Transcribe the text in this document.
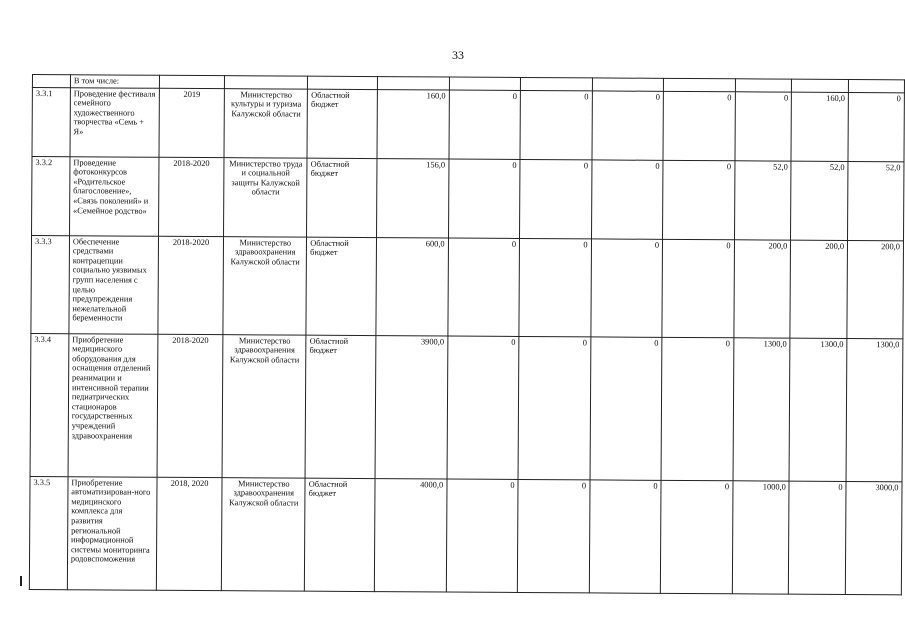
33
	В том числе:											
3.3.1	Проведение фестиваля семейного художественного творчества «Семь + Я»	2019	Министерство культуры и туризма Калужской области	Областной бюджет	160,0	0	0	0	0	0	160,0	0
3.3.2	Проведение фотоконкурсов «Родительское благословение», «Связь поколений» и «Семейное родство»	2018-2020	Министерство труда и социальной защиты Калужской области	Областной бюджет	156,0	0	0	0	0	52,0	52,0	52,0
3.3.3	Обеспечение средствами контрацепции социально уязвимых групп населения с целью предупреждения нежелательной беременности	2018-2020	Министерство здравоохранения Калужской области	Областной бюджет	600,0	0	0	0	0	200,0	200,0	200,0
3.3.4	Приобретение медицинского оборудования для оснащения отделений реанимации и интенсивной терапии педиатрических стационаров государственных учреждений здравоохранения	2018-2020	Министерство здравоохранения Калужской области	Областной бюджет	3900,0	0	0	0	0	1300,0	1300,0	1300,0
3.3.5	Приобретение автоматизирован-ного медицинского комплекса для развития региональной информационной системы мониторинга родовспоможения	2018, 2020	Министерство здравоохранения Калужской области	Областной бюджет	4000,0	0	0	0	0	1000,0	0	3000,0
